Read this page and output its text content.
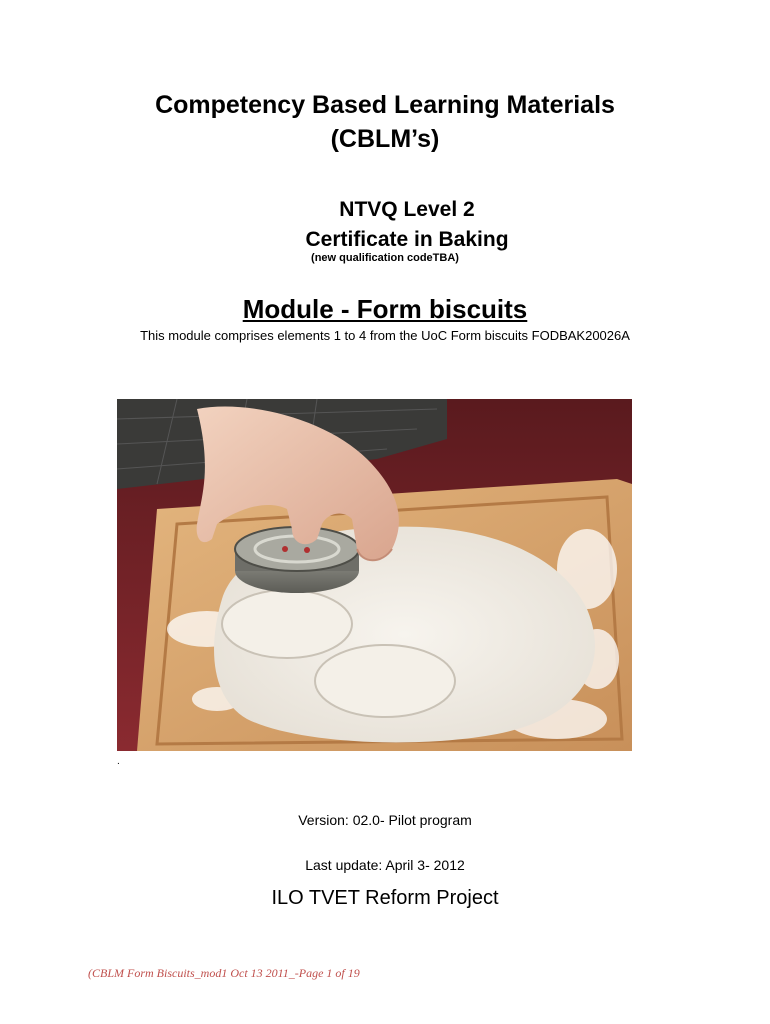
Competency Based Learning Materials
(CBLM’s)
NTVQ Level 2
Certificate in Baking
(new qualification codeTBA)
Module - Form biscuits
This module comprises elements 1 to 4 from the UoC Form biscuits FODBAK20026A
.
Version: 02.0- Pilot program
Last update: April 3- 2012
ILO TVET Reform Project
(CBLM Form Biscuits_mod1 Oct 13 2011_-Page 1 of 19
